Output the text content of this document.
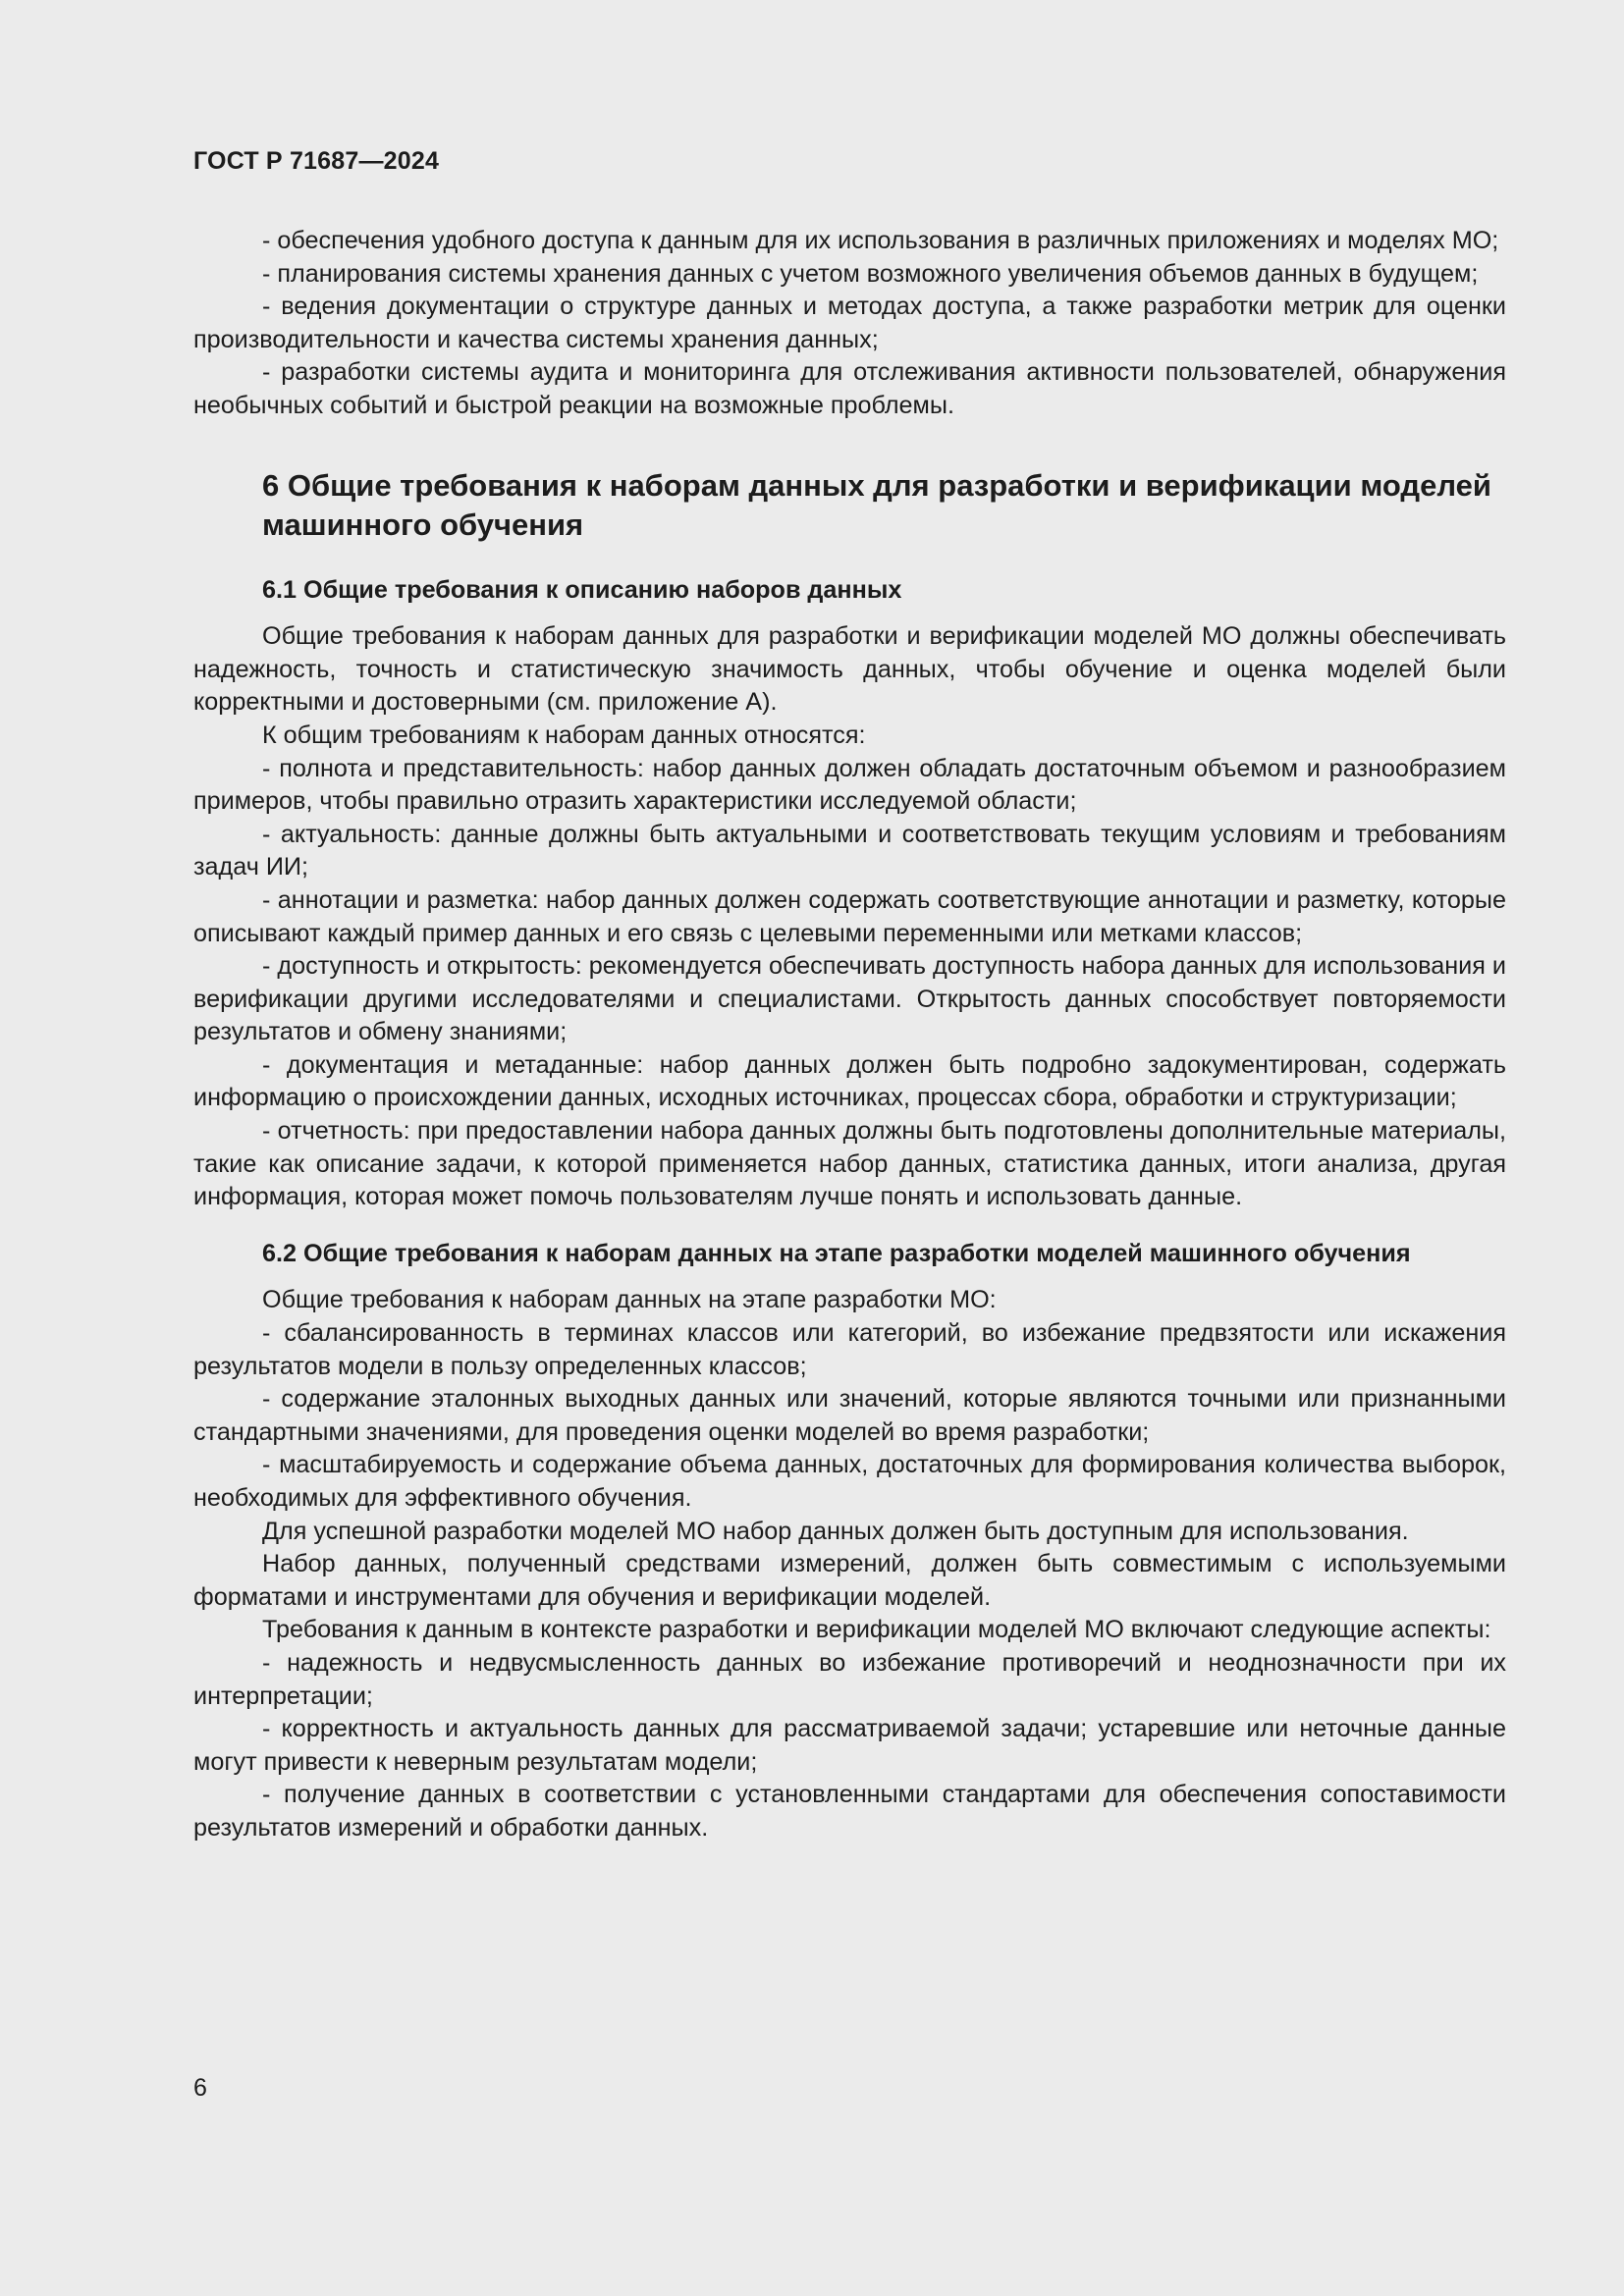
ГОСТ Р 71687—2024

- обеспечения удобного доступа к данным для их использования в различных приложениях и моделях МО;

- планирования системы хранения данных с учетом возможного увеличения объемов данных в будущем;

- ведения документации о структуре данных и методах доступа, а также разработки метрик для оценки производительности и качества системы хранения данных;

- разработки системы аудита и мониторинга для отслеживания активности пользователей, обнаружения необычных событий и быстрой реакции на возможные проблемы.

6 Общие требования к наборам данных для разработки и верификации моделей машинного обучения
6.1 Общие требования к описанию наборов данных

Общие требования к наборам данных для разработки и верификации моделей МО должны обеспечивать надежность, точность и статистическую значимость данных, чтобы обучение и оценка моделей были корректными и достоверными (см. приложение А).

К общим требованиям к наборам данных относятся:

- полнота и представительность: набор данных должен обладать достаточным объемом и разнообразием примеров, чтобы правильно отразить характеристики исследуемой области;

- актуальность: данные должны быть актуальными и соответствовать текущим условиям и требованиям задач ИИ;

- аннотации и разметка: набор данных должен содержать соответствующие аннотации и разметку, которые описывают каждый пример данных и его связь с целевыми переменными или метками классов;

- доступность и открытость: рекомендуется обеспечивать доступность набора данных для использования и верификации другими исследователями и специалистами. Открытость данных способствует повторяемости результатов и обмену знаниями;

- документация и метаданные: набор данных должен быть подробно задокументирован, содержать информацию о происхождении данных, исходных источниках, процессах сбора, обработки и структуризации;

- отчетность: при предоставлении набора данных должны быть подготовлены дополнительные материалы, такие как описание задачи, к которой применяется набор данных, статистика данных, итоги анализа, другая информация, которая может помочь пользователям лучше понять и использовать данные.

6.2 Общие требования к наборам данных на этапе разработки моделей машинного обучения

Общие требования к наборам данных на этапе разработки МО:

- сбалансированность в терминах классов или категорий, во избежание предвзятости или искажения результатов модели в пользу определенных классов;

- содержание эталонных выходных данных или значений, которые являются точными или признанными стандартными значениями, для проведения оценки моделей во время разработки;

- масштабируемость и содержание объема данных, достаточных для формирования количества выборок, необходимых для эффективного обучения.

Для успешной разработки моделей МО набор данных должен быть доступным для использования.

Набор данных, полученный средствами измерений, должен быть совместимым с используемыми форматами и инструментами для обучения и верификации моделей.

Требования к данным в контексте разработки и верификации моделей МО включают следующие аспекты:

- надежность и недвусмысленность данных во избежание противоречий и неоднозначности при их интерпретации;

- корректность и актуальность данных для рассматриваемой задачи; устаревшие или неточные данные могут привести к неверным результатам модели;

- получение данных в соответствии с установленными стандартами для обеспечения сопоставимости результатов измерений и обработки данных.

6
